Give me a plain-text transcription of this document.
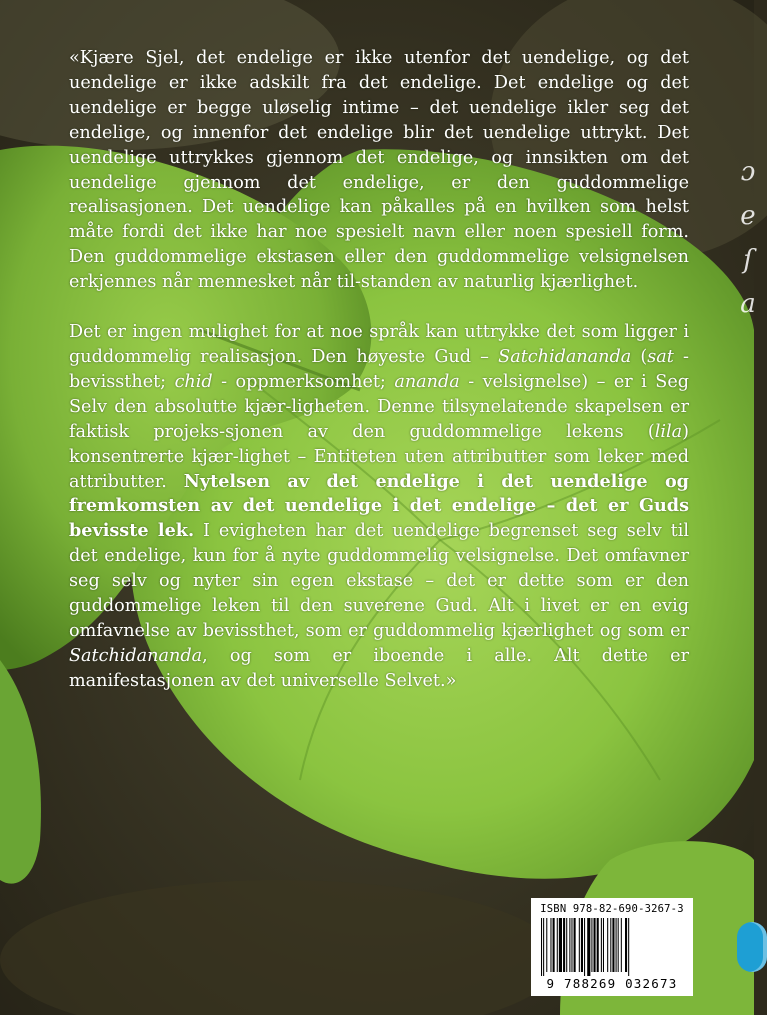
«Kjære Sjel, det endelige er ikke utenfor det uendelige, og det uendelige er ikke adskilt fra det endelige. Det endelige og det uendelige er begge uløselig intime – det uendelige ikler seg det endelige, og innenfor det endelige blir det uendelige uttrykt. Det uendelige uttrykkes gjennom det endelige, og innsikten om det uendelige gjennom det endelige, er den guddommelige realisasjonen. Det uendelige kan påkalles på en hvilken som helst måte fordi det ikke har noe spesielt navn eller noen spesiell form. Den guddommelige ekstasen eller den guddommelige velsignelsen erkjennes når mennesket når til-standen av naturlig kjærlighet.

Det er ingen mulighet for at noe språk kan uttrykke det som ligger i guddommelig realisasjon. Den høyeste Gud – Satchidananda (sat - bevissthet; chid - oppmerksomhet; ananda - velsignelse) – er i Seg Selv den absolutte kjær-ligheten. Denne tilsynelatende skapelsen er faktisk projeks-sjonen av den guddommelige lekens (lila) konsentrerte kjær-lighet – Entiteten uten attributter som leker med attributter. Nytelsen av det endelige i det uendelige og fremkomsten av det uendelige i det endelige – det er Guds bevisste lek. I evigheten har det uendelige begrenset seg selv til det endelige, kun for å nyte guddommelig velsignelse. Det omfavner seg selv og nyter sin egen ekstase – det er dette som er den guddommelige leken til den suverene Gud. Alt i livet er en evig omfavnelse av bevissthet, som er guddommelig kjærlighet og som er Satchidananda, og som er iboende i alle. Alt dette er manifestasjonen av det universelle Selvet.»

ɔ e ſ a
ISBN 978-82-690-3267-3
9 788269 032673
